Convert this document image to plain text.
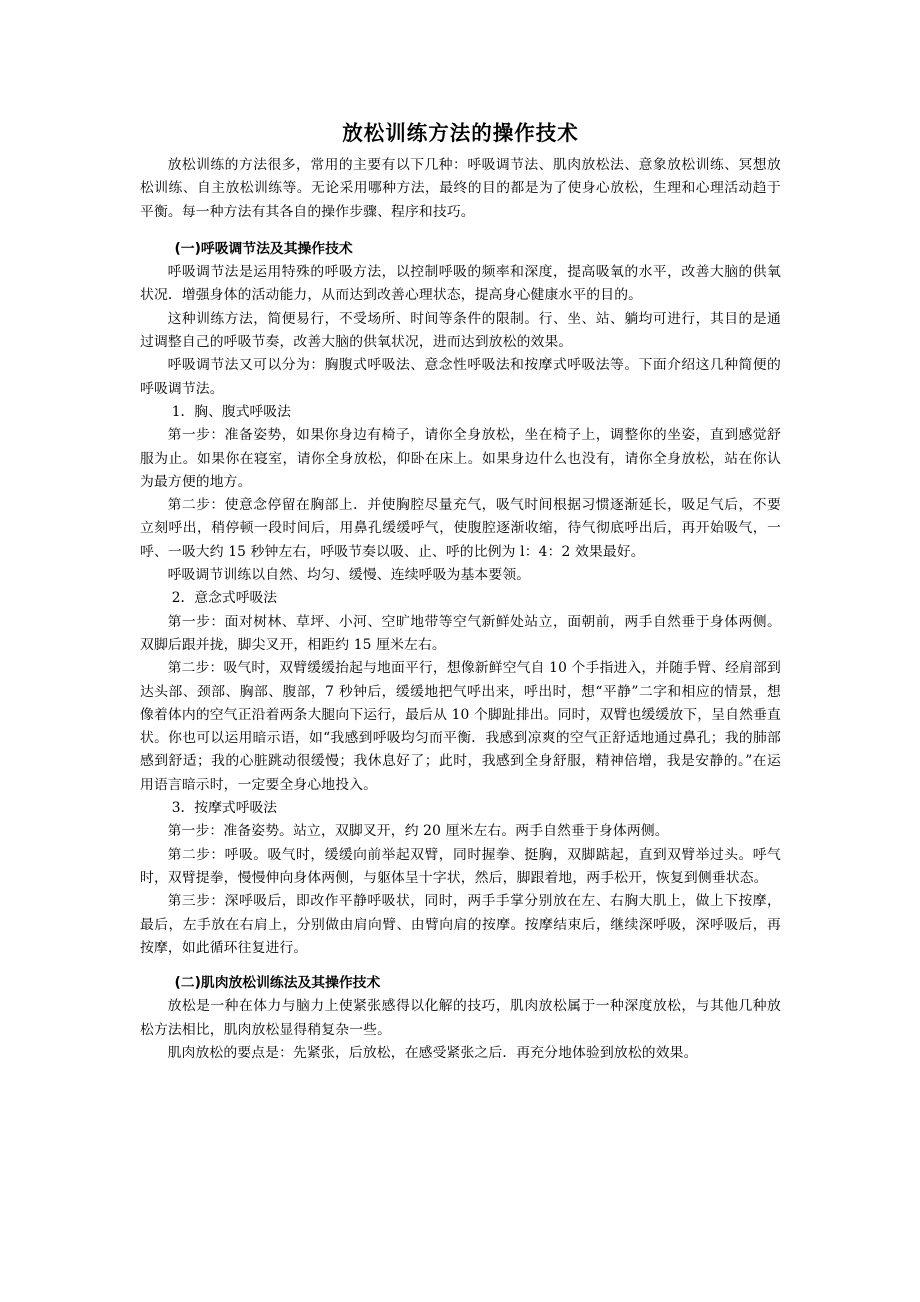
放松训练方法的操作技术

放松训练的方法很多，常用的主要有以下几种：呼吸调节法、肌肉放松法、意象放松训练、冥想放松训练、自主放松训练等。无论采用哪种方法，最终的目的都是为了使身心放松，生理和心理活动趋于平衡。每一种方法有其各自的操作步骤、程序和技巧。

(一)呼吸调节法及其操作技术

呼吸调节法是运用特殊的呼吸方法，以控制呼吸的频率和深度，提高吸氧的水平，改善大脑的供氧状况．增强身体的活动能力，从而达到改善心理状态，提高身心健康水平的目的。

这种训练方法，简便易行，不受场所、时间等条件的限制。行、坐、站、躺均可进行，其目的是通过调整自己的呼吸节奏，改善大脑的供氧状况，进而达到放松的效果。

呼吸调节法又可以分为：胸腹式呼吸法、意念性呼吸法和按摩式呼吸法等。下面介绍这几种简便的呼吸调节法。

1．胸、腹式呼吸法

第一步：准备姿势，如果你身边有椅子，请你全身放松，坐在椅子上，调整你的坐姿，直到感觉舒服为止。如果你在寝室，请你全身放松，仰卧在床上。如果身边什么也没有，请你全身放松，站在你认为最方便的地方。

第二步：使意念停留在胸部上．并使胸腔尽量充气，吸气时间根据习惯逐渐延长，吸足气后，不要立刻呼出，稍停顿一段时间后，用鼻孔缓缓呼气，使腹腔逐渐收缩，待气彻底呼出后，再开始吸气，一呼、一吸大约 15 秒钟左右，呼吸节奏以吸、止、呼的比例为 l：4：2 效果最好。

呼吸调节训练以自然、均匀、缓慢、连续呼吸为基本要领。

2．意念式呼吸法

第一步：面对树林、草坪、小河、空旷地带等空气新鲜处站立，面朝前，两手自然垂于身体两侧。双脚后跟并拢，脚尖叉开，相距约 15 厘米左右。

第二步：吸气时，双臂缓缓抬起与地面平行，想像新鲜空气自 10 个手指进入，并随手臂、经肩部到达头部、颈部、胸部、腹部，7 秒钟后，缓缓地把气呼出来，呼出时，想“平静”二字和相应的情景，想像着体内的空气正沿着两条大腿向下运行，最后从 10 个脚趾排出。同时，双臂也缓缓放下，呈自然垂直状。你也可以运用暗示语，如“我感到呼吸均匀而平衡．我感到凉爽的空气正舒适地通过鼻孔；我的肺部感到舒适；我的心脏跳动很缓慢；我休息好了；此时，我感到全身舒服，精神倍增，我是安静的。”在运用语言暗示时，一定要全身心地投入。

3．按摩式呼吸法

第一步：准备姿势。站立，双脚叉开，约 20 厘米左右。两手自然垂于身体两侧。

第二步：呼吸。吸气时，缓缓向前举起双臂，同时握拳、挺胸，双脚踮起，直到双臂举过头。呼气时，双臂提拳，慢慢伸向身体两侧，与躯体呈十字状，然后，脚跟着地，两手松开，恢复到侧垂状态。

第三步：深呼吸后，即改作平静呼吸状，同时，两手手掌分别放在左、右胸大肌上，做上下按摩，最后，左手放在右肩上，分别做由肩向臂、由臂向肩的按摩。按摩结束后，继续深呼吸，深呼吸后，再按摩，如此循环往复进行。

(二)肌肉放松训练法及其操作技术

放松是一种在体力与脑力上使紧张感得以化解的技巧，肌肉放松属于一种深度放松，与其他几种放松方法相比，肌肉放松显得稍复杂一些。

肌肉放松的要点是：先紧张，后放松，在感受紧张之后．再充分地体验到放松的效果。
